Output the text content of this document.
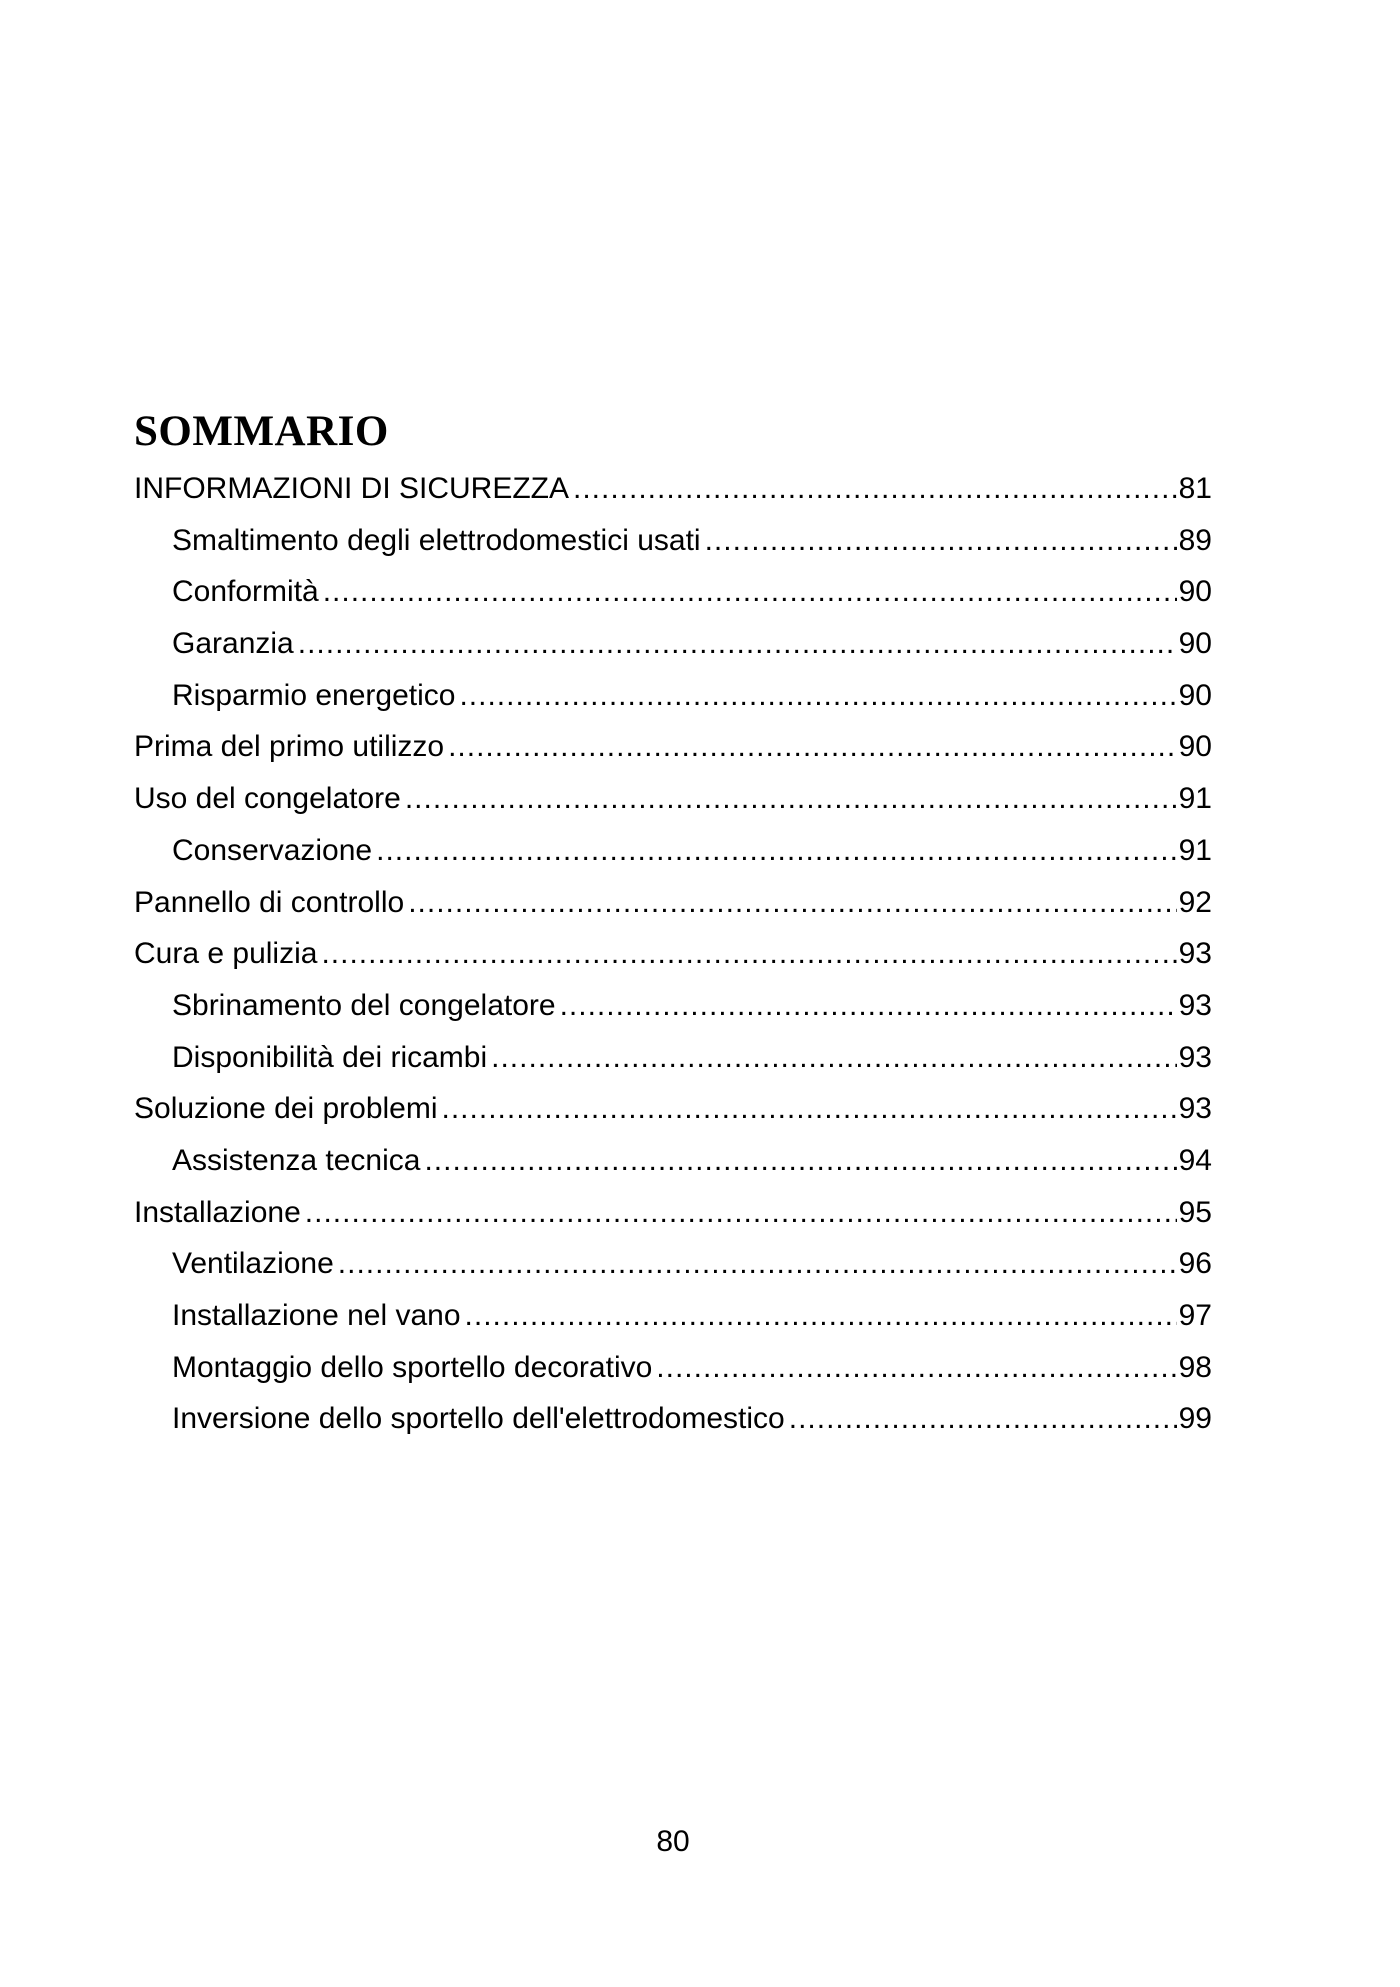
SOMMARIO
INFORMAZIONI DI SICUREZZA .....	81
Smaltimento degli elettrodomestici usati .....	89
Conformità .....	90
Garanzia .....	90
Risparmio energetico .....	90
Prima del primo utilizzo .....	90
Uso del congelatore .....	91
Conservazione .....	91
Pannello di controllo .....	92
Cura e pulizia .....	93
Sbrinamento del congelatore .....	93
Disponibilità dei ricambi .....	93
Soluzione dei problemi .....	93
Assistenza tecnica .....	94
Installazione .....	95
Ventilazione .....	96
Installazione nel vano .....	97
Montaggio dello sportello decorativo .....	98
Inversione dello sportello dell'elettrodomestico .....	99
80
